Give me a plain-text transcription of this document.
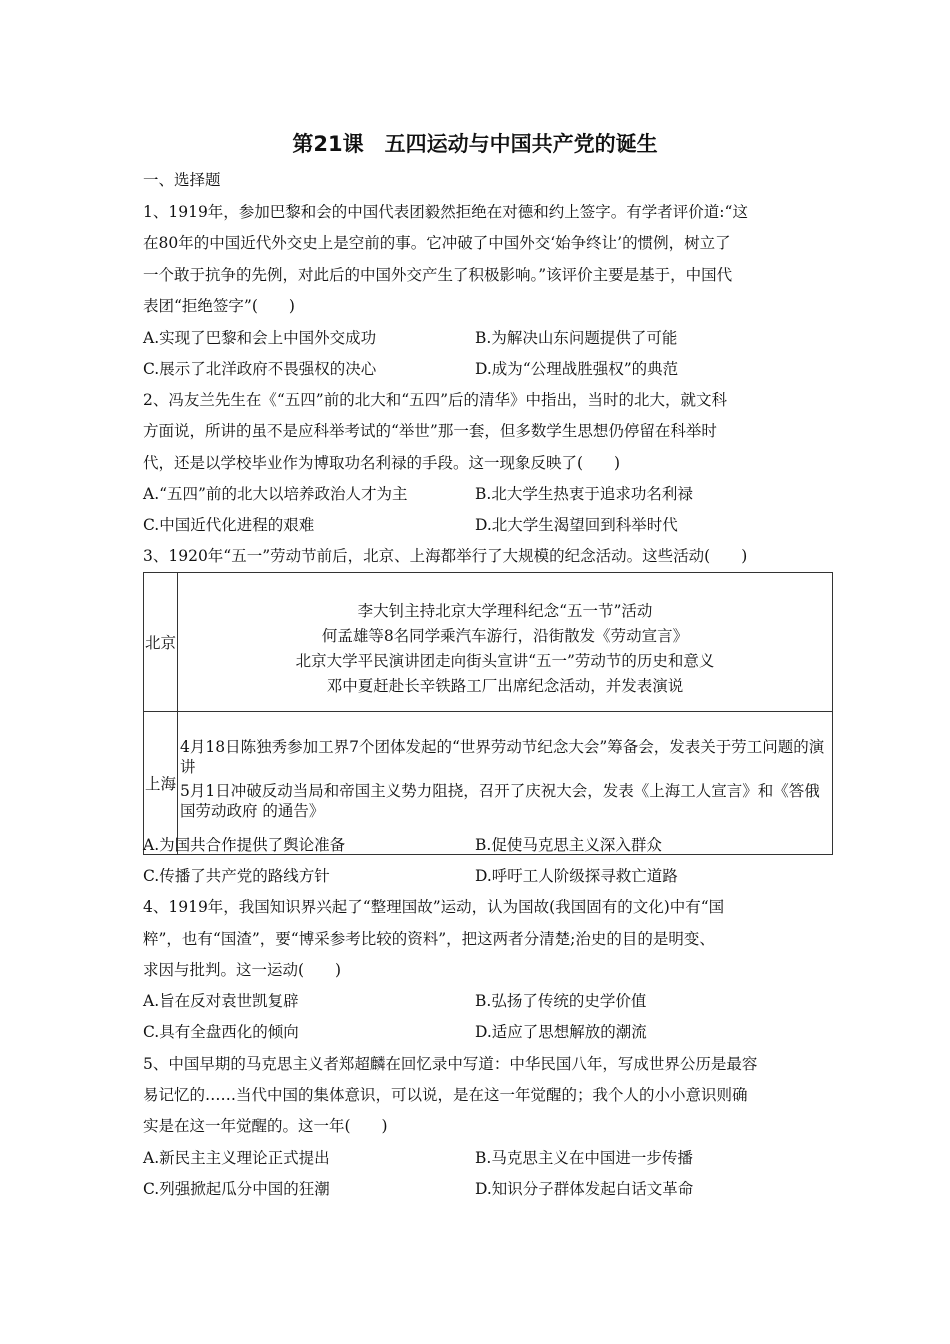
第21课　五四运动与中国共产党的诞生
一、选择题
1、1919年，参加巴黎和会的中国代表团毅然拒绝在对德和约上签字。有学者评价道:“这
在80年的中国近代外交史上是空前的事。它冲破了中国外交‘始争终让’的惯例，树立了
一个敢于抗争的先例，对此后的中国外交产生了积极影响。”该评价主要是基于，中国代
表团“拒绝签字”(　　)
A.实现了巴黎和会上中国外交成功	B.为解决山东问题提供了可能
C.展示了北洋政府不畏强权的决心	D.成为“公理战胜强权”的典范
2、冯友兰先生在《“五四”前的北大和“五四”后的清华》中指出，当时的北大，就文科
方面说，所讲的虽不是应科举考试的“举世”那一套，但多数学生思想仍停留在科举时
代，还是以学校毕业作为博取功名利禄的手段。这一现象反映了(　　)
A.“五四”前的北大以培养政治人才为主	B.北大学生热衷于追求功名利禄
C.中国近代化进程的艰难	D.北大学生渴望回到科举时代
3、1920年“五一”劳动节前后，北京、上海都举行了大规模的纪念活动。这些活动(　　)
北京	李大钊主持北京大学理科纪念“五一节”活动
何孟雄等8名同学乘汽车游行，沿街散发《劳动宣言》
北京大学平民演讲团走向街头宣讲“五一”劳动节的历史和意义
邓中夏赶赴长辛铁路工厂出席纪念活动，并发表演说

上海	4月18日陈独秀参加工界7个团体发起的“世界劳动节纪念大会”筹备会，发表关于劳工问题的演讲
5月1日冲破反动当局和帝国主义势力阻挠，召开了庆祝大会，发表《上海工人宣言》和《答俄国劳动政府 的通告》
A.为国共合作提供了舆论准备	B.促使马克思主义深入群众
C.传播了共产党的路线方针	D.呼吁工人阶级探寻救亡道路
4、1919年，我国知识界兴起了“整理国故”运动，认为国故(我国固有的文化)中有“国
粹”，也有“国渣”，要“博采参考比较的资料”，把这两者分清楚;治史的目的是明变、
求因与批判。这一运动(　　)
A.旨在反对袁世凯复辟	B.弘扬了传统的史学价值
C.具有全盘西化的倾向	D.适应了思想解放的潮流
5、中国早期的马克思主义者郑超麟在回忆录中写道：中华民国八年，写成世界公历是最容
易记忆的……当代中国的集体意识，可以说，是在这一年觉醒的；我个人的小小意识则确
实是在这一年觉醒的。这一年(　　)
A.新民主主义理论正式提出	B.马克思主义在中国进一步传播
C.列强掀起瓜分中国的狂潮	D.知识分子群体发起白话文革命
